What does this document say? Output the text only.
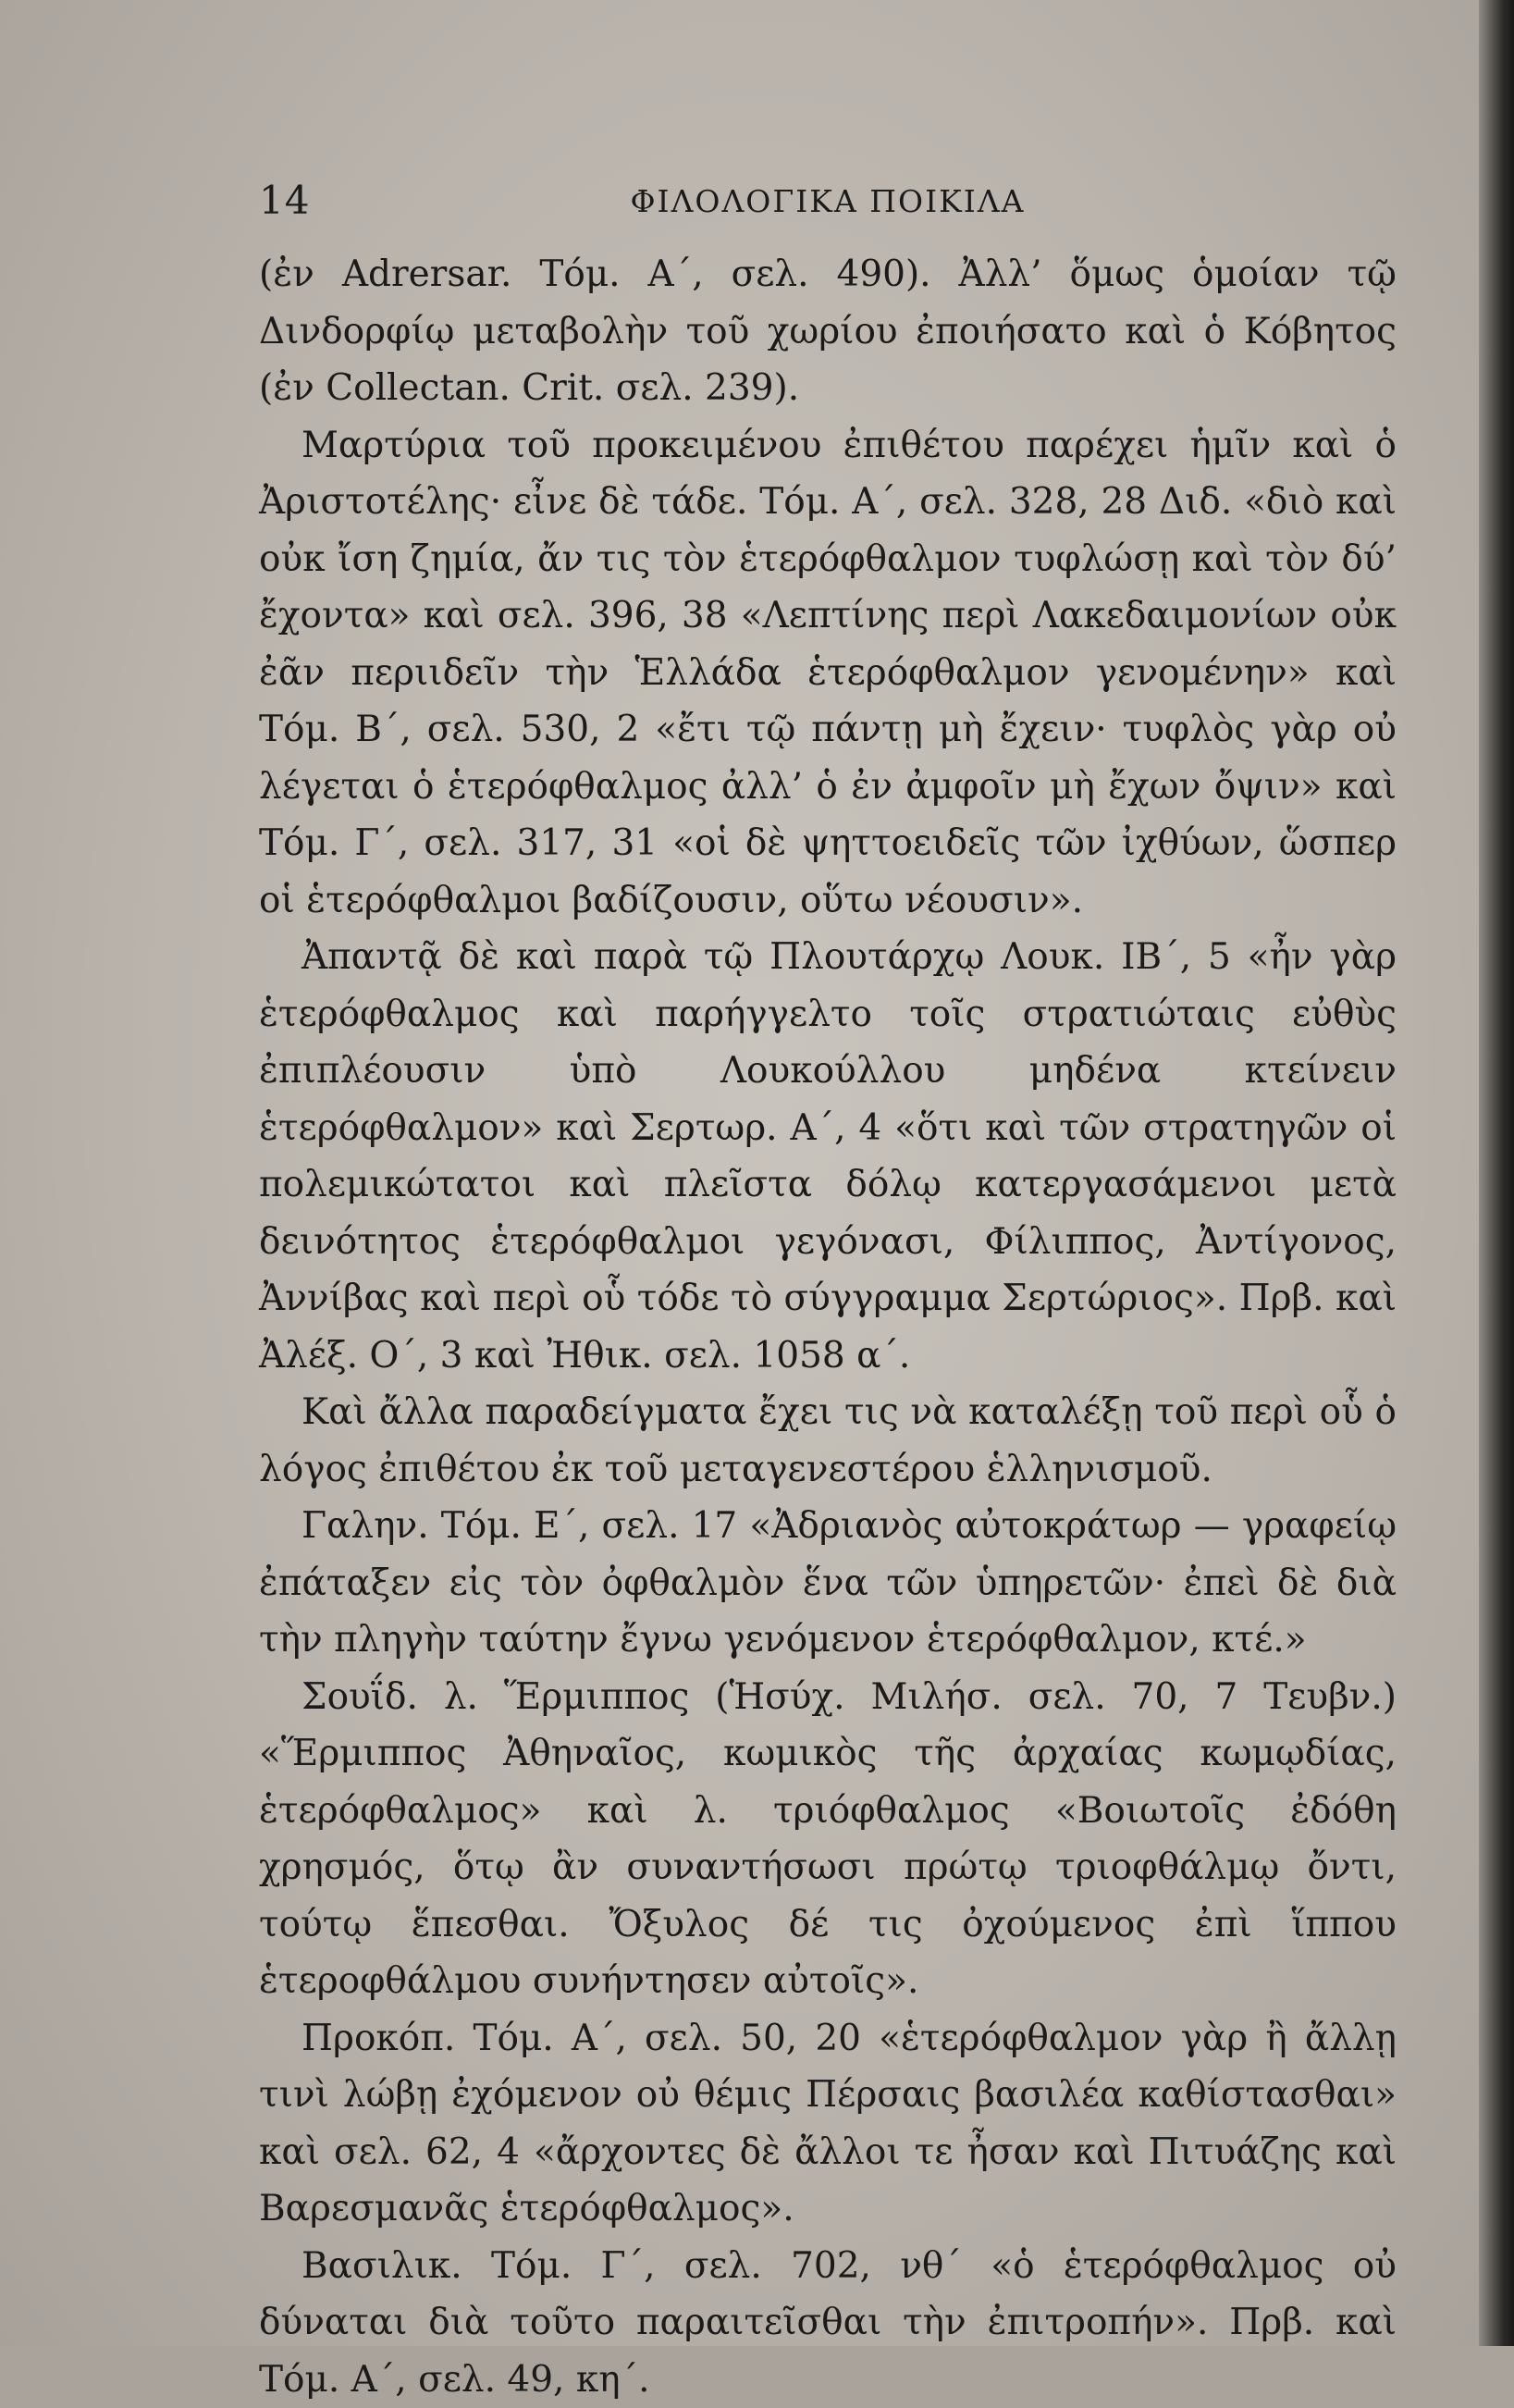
14	ΦΙΛΟΛΟΓΙΚΑ ΠΟΙΚΙΛΑ

(ἐν Adrersar. Τόμ. Α΄, σελ. 490). Ἀλλ’ ὅμως ὁμοίαν τῷ Δινδορφίῳ μεταβολὴν τοῦ χωρίου ἐποιήσατο καὶ ὁ Κόβητος (ἐν Collectan. Crit. σελ. 239).

Μαρτύρια τοῦ προκειμένου ἐπιθέτου παρέχει ἡμῖν καὶ ὁ Ἀριστοτέλης· εἶνε δὲ τάδε. Τόμ. Α΄, σελ. 328, 28 Διδ. «διὸ καὶ οὐκ ἴση ζημία, ἄν τις τὸν ἑτερόφθαλμον τυφλώσῃ καὶ τὸν δύ’ ἔχοντα» καὶ σελ. 396, 38 «Λεπτίνης περὶ Λακεδαιμονίων οὐκ ἐᾶν περιιδεῖν τὴν Ἑλλάδα ἑτερόφθαλμον γενομένην» καὶ Τόμ. Β΄, σελ. 530, 2 «ἔτι τῷ πάντῃ μὴ ἔχειν· τυφλὸς γὰρ οὐ λέγεται ὁ ἑτερόφθαλμος ἀλλ’ ὁ ἐν ἀμφοῖν μὴ ἔχων ὄψιν» καὶ Τόμ. Γ΄, σελ. 317, 31 «οἱ δὲ ψηττοειδεῖς τῶν ἰχθύων, ὥσπερ οἱ ἑτερόφθαλμοι βαδίζουσιν, οὕτω νέουσιν».

Ἀπαντᾷ δὲ καὶ παρὰ τῷ Πλουτάρχῳ Λουκ. ΙΒ΄, 5 «ἦν γὰρ ἑτερόφθαλμος καὶ παρήγγελτο τοῖς στρατιώταις εὐθὺς ἐπιπλέουσιν ὑπὸ Λουκούλλου μηδένα κτείνειν ἑτερόφθαλμον» καὶ Σερτωρ. Α΄, 4 «ὅτι καὶ τῶν στρατηγῶν οἱ πολεμικώτατοι καὶ πλεῖστα δόλῳ κατεργασάμενοι μετὰ δεινότητος ἑτερόφθαλμοι γεγόνασι, Φίλιππος, Ἀντίγονος, Ἀννίβας καὶ περὶ οὗ τόδε τὸ σύγγραμμα Σερτώριος». Πρβ. καὶ Ἀλέξ. Ο΄, 3 καὶ Ἠθικ. σελ. 1058 α΄.

Καὶ ἄλλα παραδείγματα ἔχει τις νὰ καταλέξῃ τοῦ περὶ οὗ ὁ λόγος ἐπιθέτου ἐκ τοῦ μεταγενεστέρου ἑλληνισμοῦ.

Γαλην. Τόμ. Ε΄, σελ. 17 «Ἀδριανὸς αὐτοκράτωρ — γραφείῳ ἐπάταξεν εἰς τὸν ὀφθαλμὸν ἕνα τῶν ὑπηρετῶν· ἐπεὶ δὲ διὰ τὴν πληγὴν ταύτην ἔγνω γενόμενον ἑτερόφθαλμον, κτέ.»

Σουΐδ. λ. Ἕρμιππος (Ἡσύχ. Μιλήσ. σελ. 70, 7 Τευβν.) «Ἕρμιππος Ἀθηναῖος, κωμικὸς τῆς ἀρχαίας κωμῳδίας, ἑτερόφθαλμος» καὶ λ. τριόφθαλμος «Βοιωτοῖς ἐδόθη χρησμός, ὅτῳ ἂν συναντήσωσι πρώτῳ τριοφθάλμῳ ὄντι, τούτῳ ἕπεσθαι. Ὄξυλος δέ τις ὀχούμενος ἐπὶ ἵππου ἑτεροφθάλμου συνήντησεν αὐτοῖς».

Προκόπ. Τόμ. Α΄, σελ. 50, 20 «ἑτερόφθαλμον γὰρ ἢ ἄλλῃ τινὶ λώβῃ ἐχόμενον οὐ θέμις Πέρσαις βασιλέα καθίστασθαι» καὶ σελ. 62, 4 «ἄρχοντες δὲ ἄλλοι τε ἦσαν καὶ Πιτυάζης καὶ Βαρεσμανᾶς ἑτερόφθαλμος».

Βασιλικ. Τόμ. Γ΄, σελ. 702, νθ΄ «ὁ ἑτερόφθαλμος οὐ δύναται διὰ τοῦτο παραιτεῖσθαι τὴν ἐπιτροπήν». Πρβ. καὶ Τόμ. Α΄, σελ. 49, κη΄.
